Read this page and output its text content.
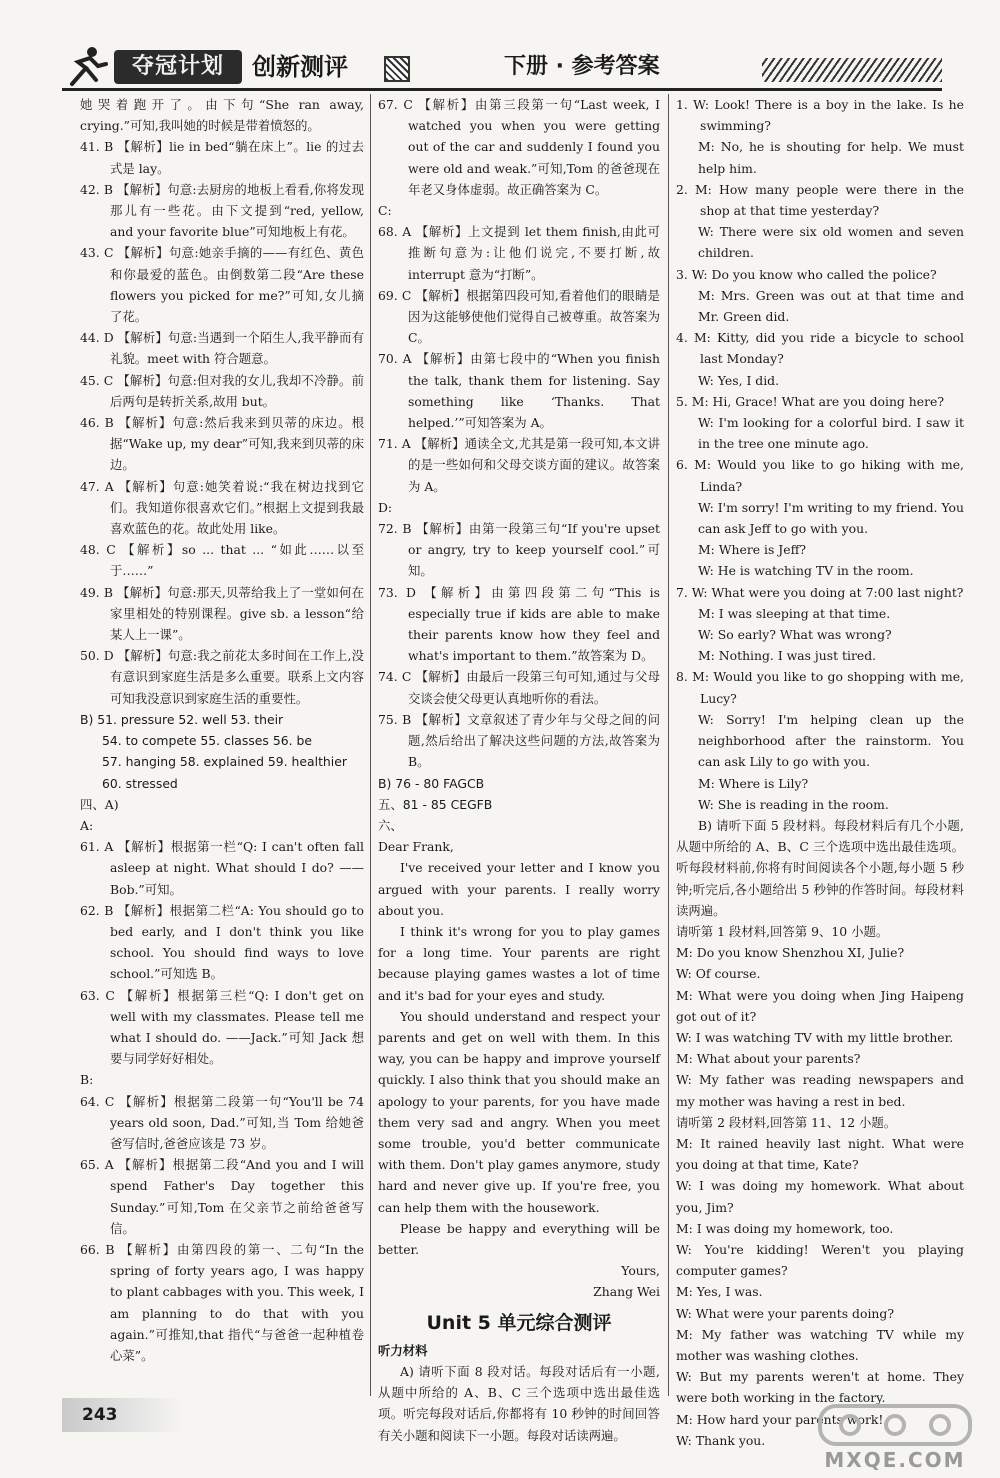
夺冠计划	创新测评	下册 · 参考答案

她哭着跑开了。由下句“She ran away, crying.”可知,我叫她的时候是带着愤怒的。

41. B 【解析】lie in bed“躺在床上”。lie 的过去式是 lay。

42. B 【解析】句意:去厨房的地板上看看,你将发现那儿有一些花。由下文提到“red, yellow, and your favorite blue”可知地板上有花。

43. C 【解析】句意:她亲手摘的——有红色、黄色和你最爱的蓝色。由倒数第二段“Are these flowers you picked for me?”可知,女儿摘了花。

44. D 【解析】句意:当遇到一个陌生人,我平静而有礼貌。meet with 符合题意。

45. C 【解析】句意:但对我的女儿,我却不冷静。前后两句是转折关系,故用 but。

46. B 【解析】句意:然后我来到贝蒂的床边。根据“Wake up, my dear”可知,我来到贝蒂的床边。

47. A 【解析】句意:她笑着说:“我在树边找到它们。我知道你很喜欢它们。”根据上文提到我最喜欢蓝色的花。故此处用 like。

48. C 【解析】so ... that ... “如此……以至于……”

49. B 【解析】句意:那天,贝蒂给我上了一堂如何在家里相处的特别课程。give sb. a lesson“给某人上一课”。

50. D 【解析】句意:我之前花太多时间在工作上,没有意识到家庭生活是多么重要。联系上文内容可知我没意识到家庭生活的重要性。

B) 51. pressure 52. well 53. their

54. to compete 55. classes 56. be

57. hanging 58. explained 59. healthier

60. stressed

四、A)

A:

61. A 【解析】根据第一栏“Q: I can't often fall asleep at night. What should I do? ——Bob.”可知。

62. B 【解析】根据第二栏“A: You should go to bed early, and I don't think you like school. You should find ways to love school.”可知选 B。

63. C 【解析】根据第三栏“Q: I don't get on well with my classmates. Please tell me what I should do. ——Jack.”可知 Jack 想要与同学好好相处。

B:

64. C 【解析】根据第二段第一句“You'll be 74 years old soon, Dad.”可知,当 Tom 给她爸爸写信时,爸爸应该是 73 岁。

65. A 【解析】根据第二段“And you and I will spend Father's Day together this Sunday.”可知,Tom 在父亲节之前给爸爸写信。

66. B 【解析】由第四段的第一、二句“In the spring of forty years ago, I was happy to plant cabbages with you. This week, I am planning to do that with you again.”可推知,that 指代“与爸爸一起种植卷心菜”。

67. C 【解析】由第三段第一句“Last week, I watched you when you were getting out of the car and suddenly I found you were old and weak.”可知,Tom 的爸爸现在年老又身体虚弱。故正确答案为 C。

C:

68. A 【解析】上文提到 let them finish,由此可推断句意为:让他们说完,不要打断,故 interrupt 意为“打断”。

69. C 【解析】根据第四段可知,看着他们的眼睛是因为这能够使他们觉得自己被尊重。故答案为 C。

70. A 【解析】由第七段中的“When you finish the talk, thank them for listening. Say something like ‘Thanks. That helped.’”可知答案为 A。

71. A 【解析】通读全文,尤其是第一段可知,本文讲的是一些如何和父母交谈方面的建议。故答案为 A。

D:

72. B 【解析】由第一段第三句“If you're upset or angry, try to keep yourself cool.”可知。

73. D 【解析】由第四段第二句“This is especially true if kids are able to make their parents know how they feel and what's important to them.”故答案为 D。

74. C 【解析】由最后一段第三句可知,通过与父母交谈会使父母更认真地听你的看法。

75. B 【解析】文章叙述了青少年与父母之间的问题,然后给出了解决这些问题的方法,故答案为 B。

B) 76 - 80 FAGCB

五、81 - 85 CEGFB

六、

Dear Frank,

I've received your letter and I know you argued with your parents. I really worry about you.

I think it's wrong for you to play games for a long time. Your parents are right because playing games wastes a lot of time and it's bad for your eyes and study.

You should understand and respect your parents and get on well with them. In this way, you can be happy and improve yourself quickly. I also think that you should make an apology to your parents, for you have made them very sad and angry. When you meet some trouble, you'd better communicate with them. Don't play games anymore, study hard and never give up. If you're free, you can help them with the housework.

Please be happy and everything will be better.

Yours,

Zhang Wei

Unit 5 单元综合测评

听力材料

A) 请听下面 8 段对话。每段对话后有一小题,从题中所给的 A、B、C 三个选项中选出最佳选项。听完每段对话后,你都将有 10 秒钟的时间回答有关小题和阅读下一小题。每段对话读两遍。

1. W: Look! There is a boy in the lake. Is he swimming?

M: No, he is shouting for help. We must help him.

2. M: How many people were there in the shop at that time yesterday?

W: There were six old women and seven children.

3. W: Do you know who called the police?

M: Mrs. Green was out at that time and Mr. Green did.

4. M: Kitty, did you ride a bicycle to school last Monday?

W: Yes, I did.

5. M: Hi, Grace! What are you doing here?

W: I'm looking for a colorful bird. I saw it in the tree one minute ago.

6. M: Would you like to go hiking with me, Linda?

W: I'm sorry! I'm writing to my friend. You can ask Jeff to go with you.

M: Where is Jeff?

W: He is watching TV in the room.

7. W: What were you doing at 7:00 last night?

M: I was sleeping at that time.

W: So early? What was wrong?

M: Nothing. I was just tired.

8. M: Would you like to go shopping with me, Lucy?

W: Sorry! I'm helping clean up the neighborhood after the rainstorm. You can ask Lily to go with you.

M: Where is Lily?

W: She is reading in the room.

B) 请听下面 5 段材料。每段材料后有几个小题,从题中所给的 A、B、C 三个选项中选出最佳选项。听每段材料前,你将有时间阅读各个小题,每小题 5 秒钟;听完后,各小题给出 5 秒钟的作答时间。每段材料读两遍。

请听第 1 段材料,回答第 9、10 小题。

M: Do you know Shenzhou XI, Julie?

W: Of course.

M: What were you doing when Jing Haipeng got out of it?

W: I was watching TV with my little brother.

M: What about your parents?

W: My father was reading newspapers and my mother was having a rest in bed.

请听第 2 段材料,回答第 11、12 小题。

M: It rained heavily last night. What were you doing at that time, Kate?

W: I was doing my homework. What about you, Jim?

M: I was doing my homework, too.

W: You're kidding! Weren't you playing computer games?

M: Yes, I was.

W: What were your parents doing?

M: My father was watching TV while my mother was washing clothes.

W: But my parents weren't at home. They were both working in the factory.

M: How hard your parents work!

W: Thank you.

243
MXQE.COM
